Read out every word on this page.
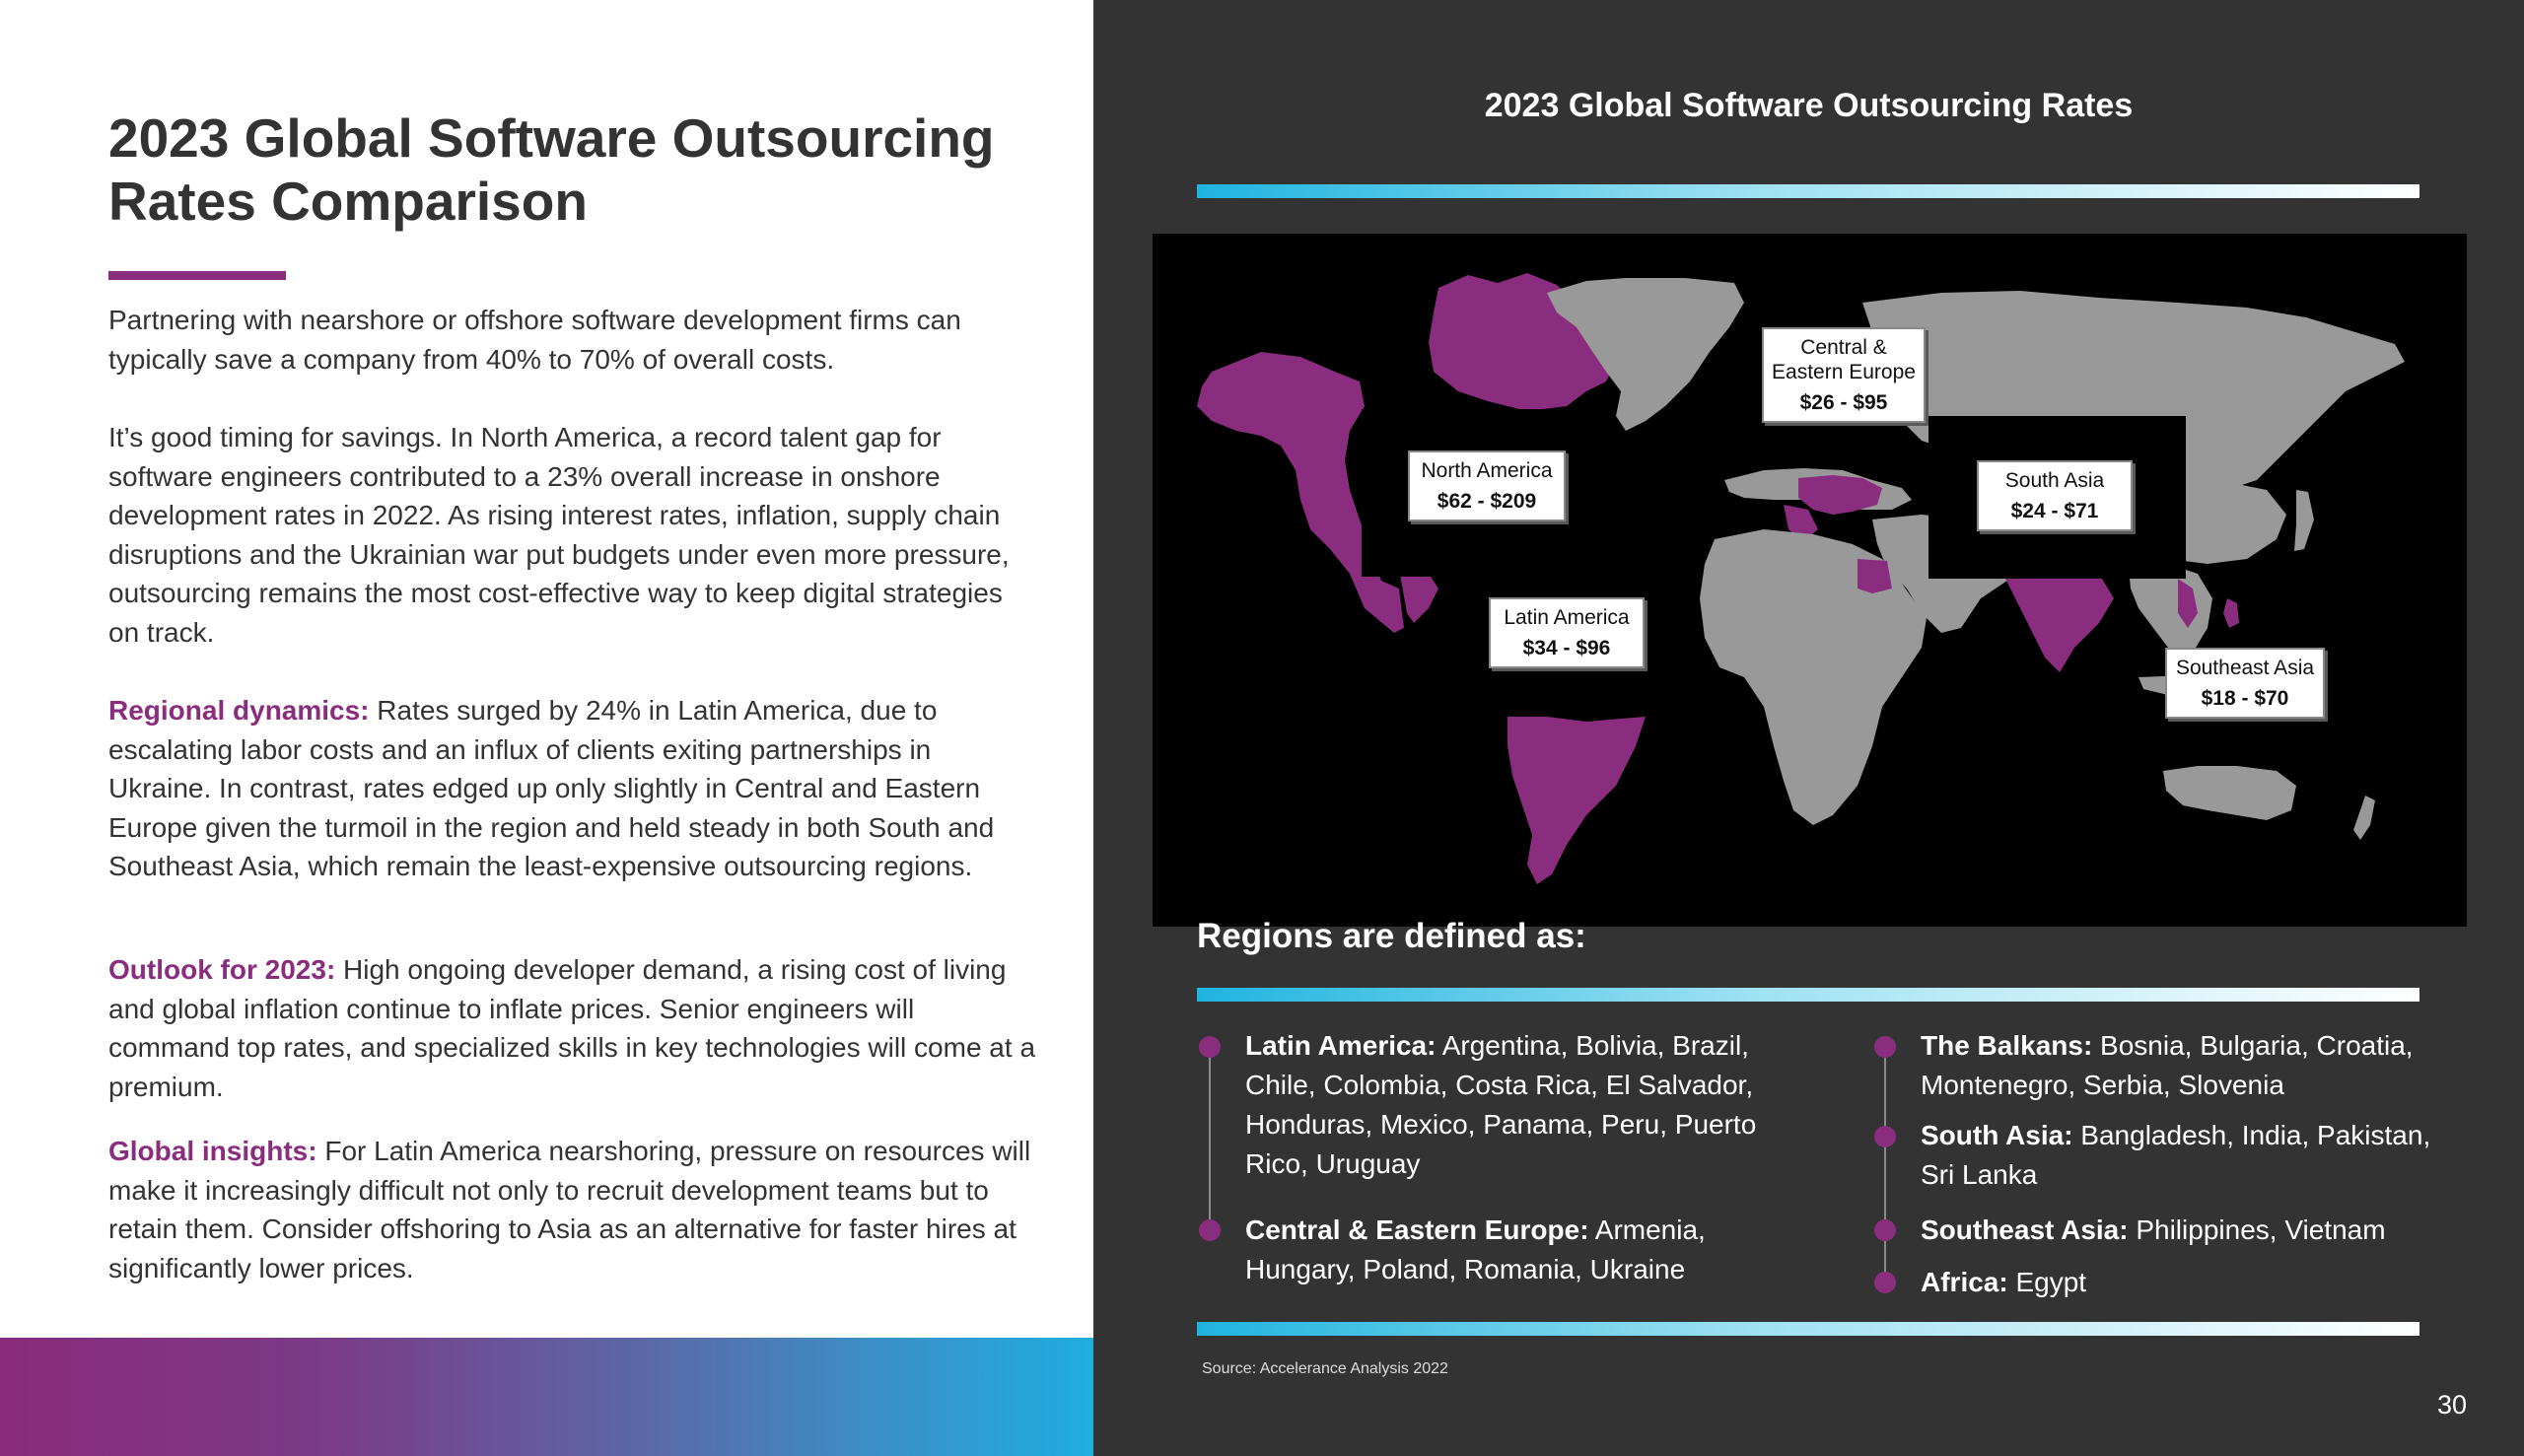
2023 Global Software Outsourcing Rates Comparison

Partnering with nearshore or offshore software development firms can typically save a company from 40% to 70% of overall costs.

It’s good timing for savings. In North America, a record talent gap for software engineers contributed to a 23% overall increase in onshore development rates in 2022. As rising interest rates, inflation, supply chain disruptions and the Ukrainian war put budgets under even more pressure, outsourcing remains the most cost-effective way to keep digital strategies on track.

Regional dynamics: Rates surged by 24% in Latin America, due to escalating labor costs and an influx of clients exiting partnerships in Ukraine. In contrast, rates edged up only slightly in Central and Eastern Europe given the turmoil in the region and held steady in both South and Southeast Asia, which remain the least-expensive outsourcing regions.

Outlook for 2023: High ongoing developer demand, a rising cost of living and global inflation continue to inflate prices. Senior engineers will command top rates, and specialized skills in key technologies will come at a premium.

Global insights: For Latin America nearshoring, pressure on resources will make it increasingly difficult not only to recruit development teams but to retain them. Consider offshoring to Asia as an alternative for faster hires at significantly lower prices.

2023 Global Software Outsourcing Rates
North America
$62 - $209
Latin America
$34 - $96
Central & Eastern Europe
$26 - $95
South Asia
$24 - $71
Southeast Asia
$18 - $70
Regions are defined as:

Latin America: Argentina, Bolivia, Brazil, Chile, Colombia, Costa Rica, El Salvador, Honduras, Mexico, Panama, Peru, Puerto Rico, Uruguay

Central & Eastern Europe: Armenia, Hungary, Poland, Romania, Ukraine

The Balkans: Bosnia, Bulgaria, Croatia, Montenegro, Serbia, Slovenia

South Asia: Bangladesh, India, Pakistan, Sri Lanka

Southeast Asia: Philippines, Vietnam

Africa: Egypt

Source: Accelerance Analysis 2022

30
